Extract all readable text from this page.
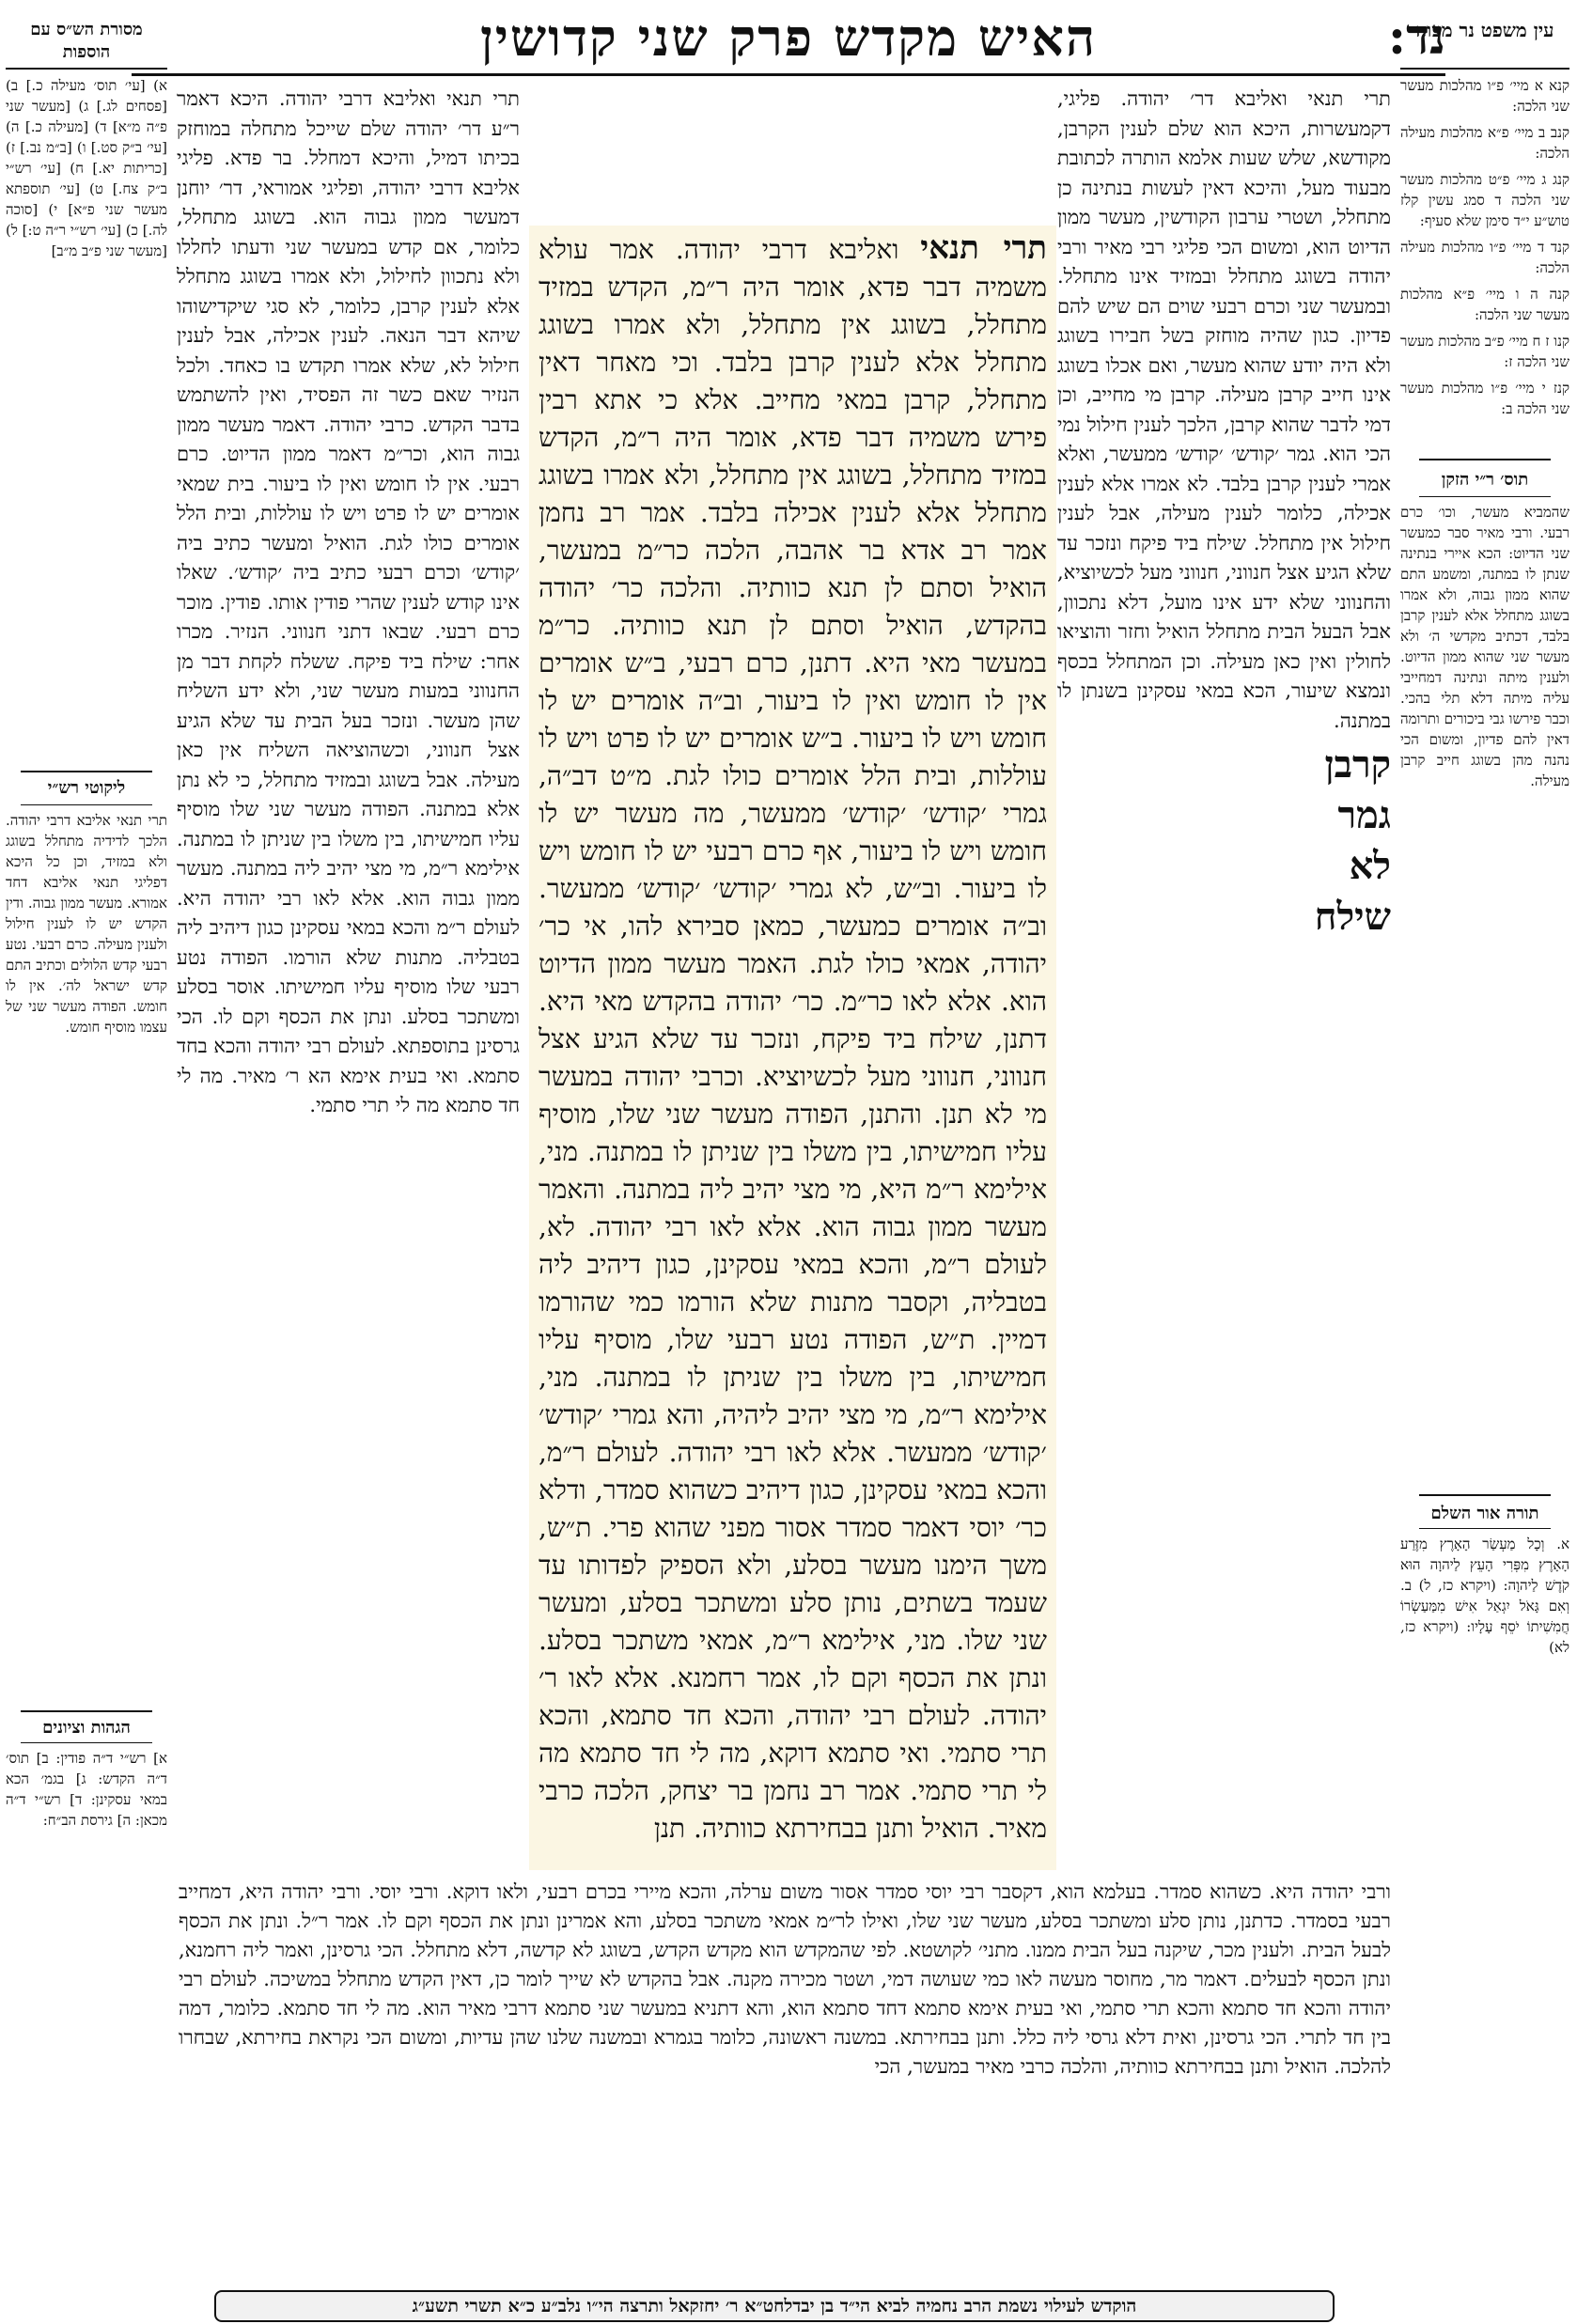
נד:
האיש מקדש פרק שני קדושין	עין משפט נר מצוה
קנא א מיי׳ פ״ו מהלכות מעשר שני הלכה:
קנב ב מיי׳ פ״א מהלכות מעילה הלכה:
קנג ג מיי׳ פ״ט מהלכות מעשר שני הלכה ד סמג עשין קלז טוש״ע י״ד סימן שלא סעיף:
קנד ד מיי׳ פ״ו מהלכות מעילה הלכה:
קנה ה ו מיי׳ פ״א מהלכות מעשר שני הלכה:
קנו ז ח מיי׳ פ״ב מהלכות מעשר שני הלכה ז:
קנז י מיי׳ פ״ו מהלכות מעשר שני הלכה ב:
תוס׳ ר״י הזקן
שהמביא מעשר, וכו׳ כרם רבעי. ורבי מאיר סבר כמעשר שני הדיוט: הכא איירי בנתינה שנתן לו במתנה, ומשמע התם שהוא ממון גבוה, ולא אמרו בשוגג מתחלל אלא לענין קרבן בלבד, דכתיב מקדשי ה׳ ולא מעשר שני שהוא ממון הדיוט. ולענין מיתה ונתינה דמחייבי עליה מיתה דלא תלי בהכי. וכבר פירשו גבי ביכורים ותרומה דאין להם פדיון, ומשום הכי נהנה מהן בשוגג חייב קרבן מעילה.
תורה אור השלם
א. וְכָל מַעְשַׂר הָאָרֶץ מִזֶּרַע הָאָרֶץ מִפְּרִי הָעֵץ לַיהוָה הוּא קֹדֶשׁ לַיהוָה: (ויקרא כז, ל) ב. וְאִם גָּאֹל יִגְאַל אִישׁ מִמַּעַשְׂרוֹ חֲמִשִׁיתוֹ יֹסֵף עָלָיו: (ויקרא כז, לא)
מסורת הש״ס עם הוספות
א) [עי׳ תוס׳ מעילה כ.] ב) [פסחים לג.] ג) [מעשר שני פ״ה מ״א] ד) [מעילה כ.] ה) [עי׳ ב״ק סט.] ו) [ב״מ נב.] ז) [כריתות יא.] ח) [עי׳ רש״י ב״ק צח.] ט) [עי׳ תוספתא מעשר שני פ״א] י) [סוכה לה.] כ) [עי׳ רש״י ר״ה ט:] ל) [מעשר שני פ״ב מ״ב]
ליקוטי רש״י
תרי תנאי אליבא דרבי יהודה. הלכך לדידיה מתחלל בשוגג ולא במזיד, וכן כל היכא דפליגי תנאי אליבא דחד אמורא. מעשר ממון גבוה. ודין הקדש יש לו לענין חילול ולענין מעילה. כרם רבעי. נטע רבעי קדש הלולים וכתיב התם קדש ישראל לה׳. אין לו חומש. הפודה מעשר שני של עצמו מוסיף חומש.
הגהות וציונים
א] רש״י ד״ה פודין: ב] תוס׳ ד״ה הקדש: ג] בגמ׳ הכא במאי עסקינן: ד] רש״י ד״ה מכאן: ה] גירסת הב״ח:
תרי תנאי ואליבא דר׳ יהודה. פליגי, דקמעשרות, היכא הוא שלם לענין הקרבן, מקודשא, שלש שעות אלמא הותרה לכתובת מבעוד מעל, והיכא דאין לעשות בנתינה כן מתחלל, ושטרי ערבון הקודשין, מעשר ממון הדיוט הוא, ומשום הכי פליגי רבי מאיר ורבי יהודה בשוגג מתחלל ובמזיד אינו מתחלל. ובמעשר שני וכרם רבעי שוים הם שיש להם פדיון. כגון שהיה מוחזק בשל חבירו בשוגג ולא היה יודע שהוא מעשר, ואם אכלו בשוגג אינו חייב קרבן מעילה. קרבן מי מחייב, וכן דמי לדבר שהוא קרבן, הלכך לענין חילול נמי הכי הוא. גמר ׳קודש׳ ׳קודש׳ ממעשר, ואלא אמרי לענין קרבן בלבד. לא אמרו אלא לענין אכילה, כלומר לענין מעילה, אבל לענין חילול אין מתחלל. שילח ביד פיקח ונזכר עד שלא הגיע אצל חנווני, חנווני מעל לכשיוציא, והחנווני שלא ידע אינו מועל, דלא נתכוון, אבל הבעל הבית מתחלל הואיל וחזר והוציאו לחולין ואין כאן מעילה. וכן המתחלל בכסף ונמצא שיעור, הכא במאי עסקינן בשנתן לו במתנה.
קרבן
גמר
לא
שילח
תרי תנאי ואליבא דרבי יהודה. היכא דאמר ר״ע דר׳ יהודה שלם שייכל מתחלה במוחזק בכיתו דמיל, והיכא דמחלל. בר פדא. פליגי אליבא דרבי יהודה, ופליגי אמוראי, דר׳ יוחנן דמעשר ממון גבוה הוא. בשוגג מתחלל, כלומר, אם קדש במעשר שני ודעתו לחללו ולא נתכוון לחילול, ולא אמרו בשוגג מתחלל אלא לענין קרבן, כלומר, לא סגי שיקדישוהו שיהא דבר הנאה. לענין אכילה, אבל לענין חילול לא, שלא אמרו תקדש בו כאחד. ולכל הנזיר שאם כשר זה הפסיד, ואין להשתמש בדבר הקדש. כרבי יהודה. דאמר מעשר ממון גבוה הוא, וכר״מ דאמר ממון הדיוט. כרם רבעי. אין לו חומש ואין לו ביעור. בית שמאי אומרים יש לו פרט ויש לו עוללות, ובית הלל אומרים כולו לגת. הואיל ומעשר כתיב ביה ׳קודש׳ וכרם רבעי כתיב ביה ׳קודש׳. שאלו אינו קודש לענין שהרי פודין אותו. פודין. מוכר כרם רבעי. שבאו דתני חנווני. הנזיר. מכרו אחר: שילח ביד פיקח. ששלח לקחת דבר מן החנווני במעות מעשר שני, ולא ידע השליח שהן מעשר. ונזכר בעל הבית עד שלא הגיע אצל חנווני, וכשהוציאה השליח אין כאן מעילה. אבל בשוגג ובמזיד מתחלל, כי לא נתן אלא במתנה. הפודה מעשר שני שלו מוסיף עליו חמישיתו, בין משלו בין שניתן לו במתנה. אילימא ר״מ, מי מצי יהיב ליה במתנה. מעשר ממון גבוה הוא. אלא לאו רבי יהודה היא. לעולם ר״מ והכא במאי עסקינן כגון דיהיב ליה בטבליה. מתנות שלא הורמו. הפודה נטע רבעי שלו מוסיף עליו חמישיתו. אוסר בסלע ומשתכר בסלע. ונתן את הכסף וקם לו. הכי גרסינן בתוספתא. לעולם רבי יהודה והכא בחד סתמא. ואי בעית אימא הא ר׳ מאיר. מה לי חד סתמא מה לי תרי סתמי.
תרי תנאי ואליבא דרבי יהודה. אמר עולא משמיה דבר פדא, אומר היה ר״מ, הקדש במזיד מתחלל, בשוגג אין מתחלל, ולא אמרו בשוגג מתחלל אלא לענין קרבן בלבד. וכי מאחר דאין מתחלל, קרבן במאי מחייב. אלא כי אתא רבין פירש משמיה דבר פדא, אומר היה ר״מ, הקדש במזיד מתחלל, בשוגג אין מתחלל, ולא אמרו בשוגג מתחלל אלא לענין אכילה בלבד. אמר רב נחמן אמר רב אדא בר אהבה, הלכה כר״מ במעשר, הואיל וסתם לן תנא כוותיה. והלכה כר׳ יהודה בהקדש, הואיל וסתם לן תנא כוותיה. כר״מ במעשר מאי היא. דתנן, כרם רבעי, ב״ש אומרים אין לו חומש ואין לו ביעור, וב״ה אומרים יש לו חומש ויש לו ביעור. ב״ש אומרים יש לו פרט ויש לו עוללות, ובית הלל אומרים כולו לגת. מ״ט דב״ה, גמרי ׳קודש׳ ׳קודש׳ ממעשר, מה מעשר יש לו חומש ויש לו ביעור, אף כרם רבעי יש לו חומש ויש לו ביעור. וב״ש, לא גמרי ׳קודש׳ ׳קודש׳ ממעשר. וב״ה אומרים כמעשר, כמאן סבירא להו, אי כר׳ יהודה, אמאי כולו לגת. האמר מעשר ממון הדיוט הוא. אלא לאו כר״מ. כר׳ יהודה בהקדש מאי היא. דתנן, שילח ביד פיקח, ונזכר עד שלא הגיע אצל חנווני, חנווני מעל לכשיוציא. וכרבי יהודה במעשר מי לא תנן. והתנן, הפודה מעשר שני שלו, מוסיף עליו חמישיתו, בין משלו בין שניתן לו במתנה. מני, אילימא ר״מ היא, מי מצי יהיב ליה במתנה. והאמר מעשר ממון גבוה הוא. אלא לאו רבי יהודה. לא, לעולם ר״מ, והכא במאי עסקינן, כגון דיהיב ליה בטבליה, וקסבר מתנות שלא הורמו כמי שהורמו דמיין. ת״ש, הפודה נטע רבעי שלו, מוסיף עליו חמישיתו, בין משלו בין שניתן לו במתנה. מני, אילימא ר״מ, מי מצי יהיב ליהיה, והא גמרי ׳קודש׳ ׳קודש׳ ממעשר. אלא לאו רבי יהודה. לעולם ר״מ, והכא במאי עסקינן, כגון דיהיב כשהוא סמדר, ודלא כר׳ יוסי דאמר סמדר אסור מפני שהוא פרי. ת״ש, משך הימנו מעשר בסלע, ולא הספיק לפדותו עד שעמד בשתים, נותן סלע ומשתכר בסלע, ומעשר שני שלו. מני, אילימא ר״מ, אמאי משתכר בסלע. ונתן את הכסף וקם לו, אמר רחמנא. אלא לאו ר׳ יהודה. לעולם רבי יהודה, והכא חד סתמא, והכא תרי סתמי. ואי סתמא דוקא, מה לי חד סתמא מה לי תרי סתמי. אמר רב נחמן בר יצחק, הלכה כרבי מאיר. הואיל ותנן בבחירתא כוותיה. תנן
ורבי יהודה היא. כשהוא סמדר. בעלמא הוא, דקסבר רבי יוסי סמדר אסור משום ערלה, והכא מיירי בכרם רבעי, ולאו דוקא. ורבי יוסי. ורבי יהודה היא, דמחייב רבעי בסמדר. כדתנן, נותן סלע ומשתכר בסלע, מעשר שני שלו, ואילו לר״מ אמאי משתכר בסלע, והא אמרינן ונתן את הכסף וקם לו. אמר ר״ל. ונתן את הכסף לבעל הבית. ולענין מכר, שיקנה בעל הבית ממנו. מתני׳ לקושטא. לפי שהמקדש הוא מקדש הקדש, בשוגג לא קדשה, דלא מתחלל. הכי גרסינן, ואמר ליה רחמנא, ונתן הכסף לבעלים. דאמר מר, מחוסר מעשה לאו כמי שעושה דמי, ושטר מכירה מקנה. אבל בהקדש לא שייך לומר כן, דאין הקדש מתחלל במשיכה. לעולם רבי יהודה והכא חד סתמא והכא תרי סתמי, ואי בעית אימא סתמא דחד סתמא הוא, והא דתניא במעשר שני סתמא דרבי מאיר הוא. מה לי חד סתמא. כלומר, דמה בין חד לתרי. הכי גרסינן, ואית דלא גרסי ליה כלל. ותנן בבחירתא. במשנה ראשונה, כלומר בגמרא ובמשנה שלנו שהן עדיות, ומשום הכי נקראת בחירתא, שבחרו להלכה. הואיל ותנן בבחירתא כוותיה, והלכה כרבי מאיר במעשר, הכי
הוקדש לעילוי נשמת הרב נחמיה לביא הי״ד בן יבדלחט״א ר׳ יחזקאל ותרצה הי״ו נלב״ע כ״א תשרי תשע״ג
